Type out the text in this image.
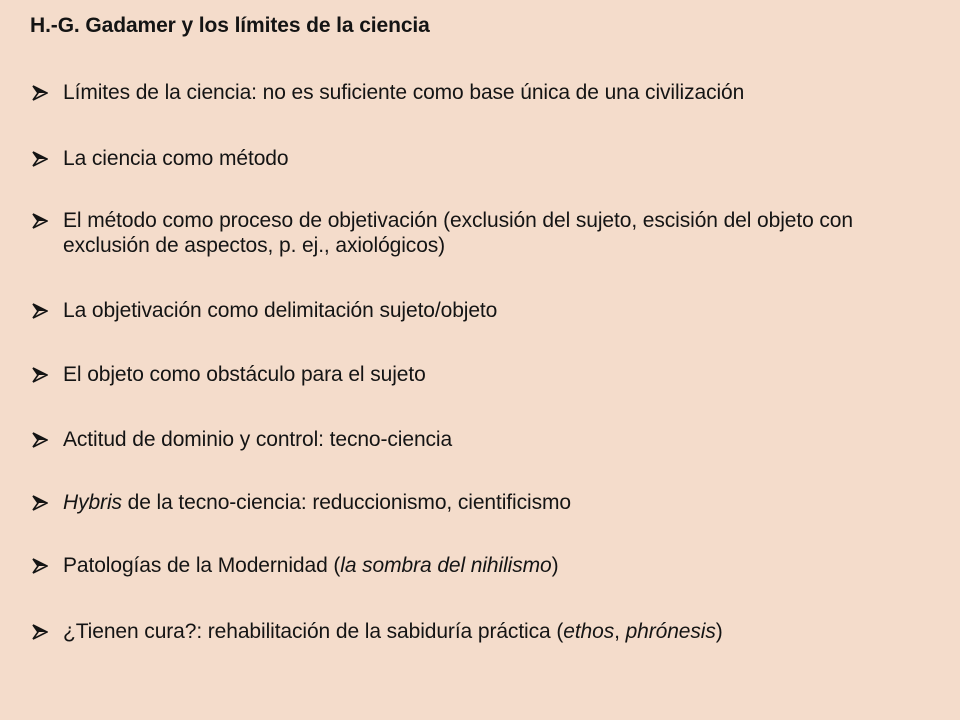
H.-G. Gadamer y los límites de la ciencia
Límites de la ciencia: no es suficiente como base única de una civilización
La ciencia como método
El método como proceso de objetivación (exclusión del sujeto, escisión del objeto con exclusión de aspectos, p. ej., axiológicos)
La objetivación como delimitación sujeto/objeto
El objeto como obstáculo para el sujeto
Actitud de dominio y control: tecno-ciencia
Hybris de la tecno-ciencia: reduccionismo, cientificismo
Patologías de la Modernidad (la sombra del nihilismo)
¿Tienen cura?: rehabilitación de la sabiduría práctica (ethos, phrónesis)
